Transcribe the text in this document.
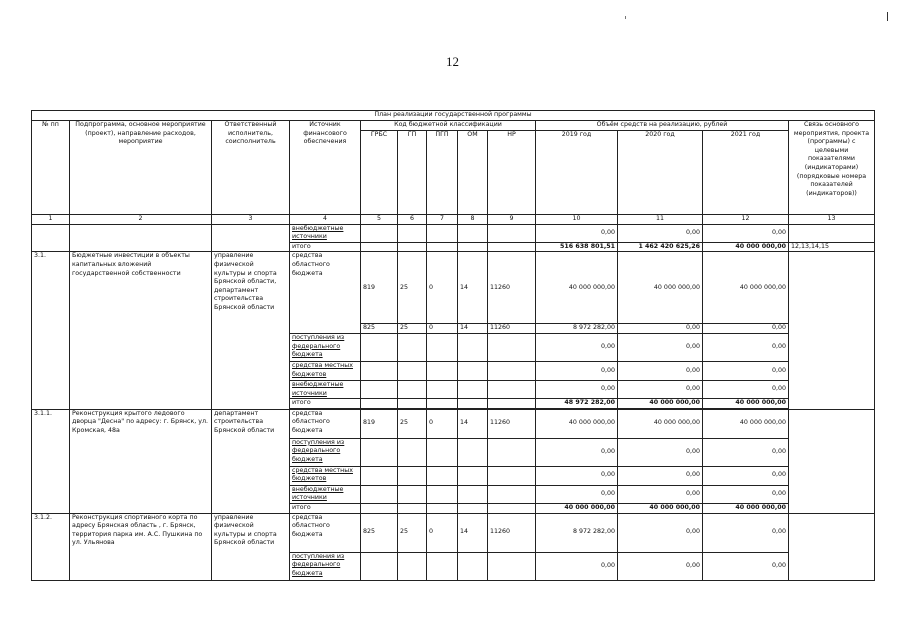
12
План реализации государственной программы												
№ пп	Подпрограмма, основное мероприятие (проект), направление расходов, мероприятие	Ответственный исполнитель, соисполнитель	Источник финансового обеспечения	Код бюджетной классификации					Объём средств на реализацию, рублей			Связь основного мероприятия, проекта (программы) с целевыми показателями (индикаторами) (порядковые номера показателей (индикаторов))
				ГРБС	ГП	ПГП	ОМ	НР	2019 год	2020 год	2021 год	
1	2	3	4	5	6	7	8	9	10	11	12	13
			внебюджетные источники						0,00	0,00	0,00	
			итого						516 638 801,51	1 462 420 625,26	40 000 000,00	12,13,14,15
3.1.	Бюджетные инвестиции в объекты капитальных вложений государственной собственности	управление физической культуры и спорта Брянской области, департамент строительства Брянской области	средства областного бюджета	819	25	0	14	11260	40 000 000,00	40 000 000,00	40 000 000,00	
				825	25	0	14	11260	8 972 282,00	0,00	0,00	
			поступления из федерального бюджета						0,00	0,00	0,00	
			средства местных бюджетов						0,00	0,00	0,00	
			внебюджетные источники						0,00	0,00	0,00	
			итого						48 972 282,00	40 000 000,00	40 000 000,00	

3.1.1.	Реконструкция крытого ледового дворца "Десна" по адресу: г. Брянск, ул. Кромская, 48а	департамент строительства Брянской области	средства областного бюджета	819	25	0	14	11260	40 000 000,00	40 000 000,00	40 000 000,00	
			поступления из федерального бюджета						0,00	0,00	0,00	
			средства местных бюджетов						0,00	0,00	0,00	
			внебюджетные источники						0,00	0,00	0,00	
			итого						40 000 000,00	40 000 000,00	40 000 000,00	
3.1.2.	Реконструкция спортивного корта по адресу Брянская область , г. Брянск, территория парка им. А.С. Пушкина по ул. Ульянова	управление физической культуры и спорта Брянской области	средства областного бюджета	825	25	0	14	11260	8 972 282,00	0,00	0,00	
			поступления из федерального бюджета						0,00	0,00	0,00	
